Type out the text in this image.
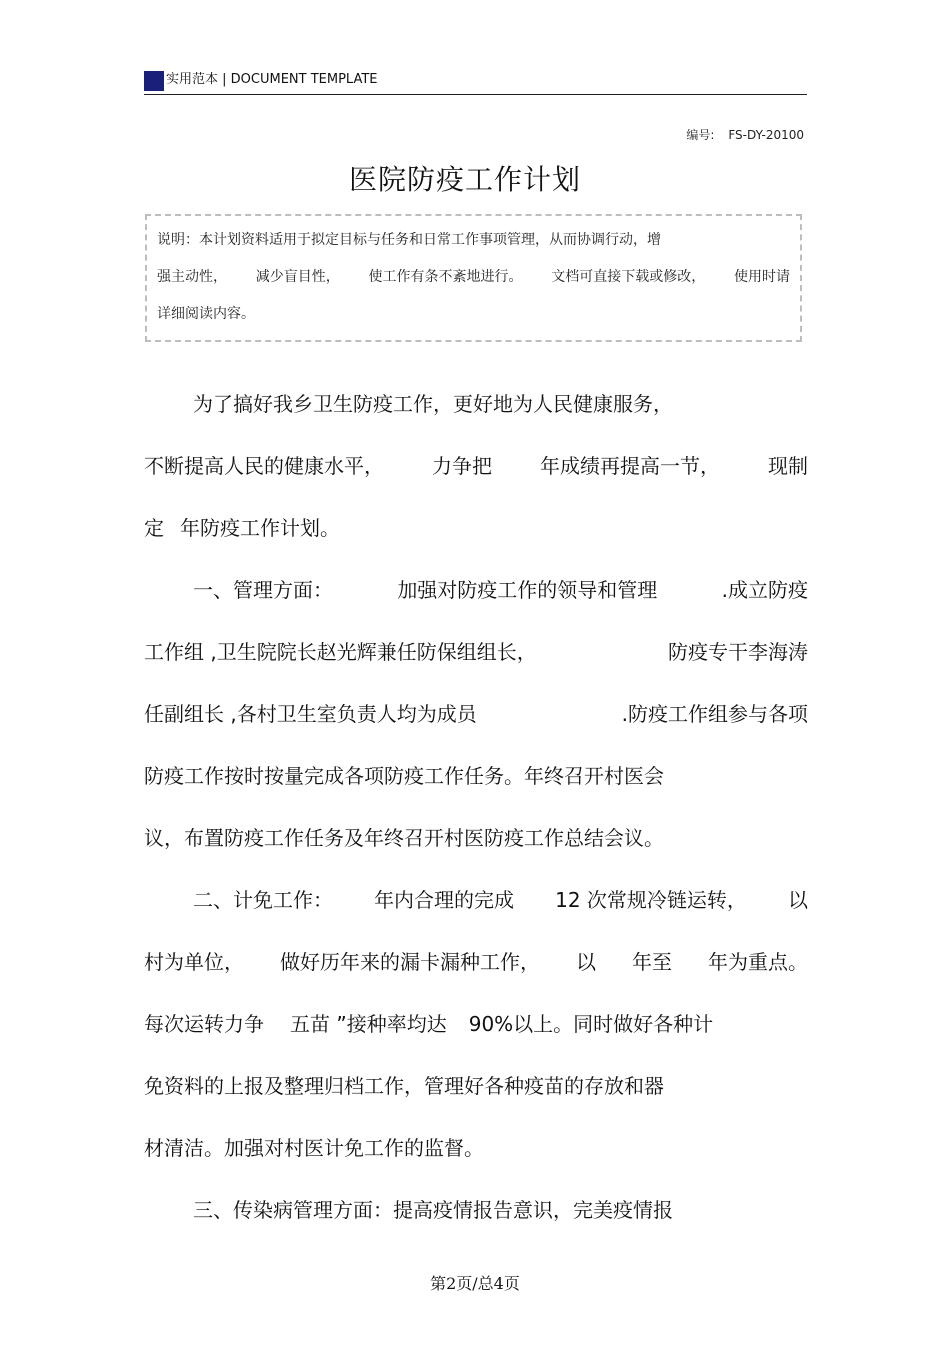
实用范本 | DOCUMENT TEMPLATE
编号: FS-DY-20100
医院防疫工作计划
说明：本计划资料适用于拟定目标与任务和日常工作事项管理，从而协调行动，增
强主动性， 减少盲目性， 使工作有条不紊地进行。 文档可直接下载或修改， 使用时请
详细阅读内容。
为了搞好我乡卫生防疫工作，更好地为人民健康服务，
不断提高人民的健康水平， 力争把 年成绩再提高一节， 现制
定 年防疫工作计划。
一、管理方面：	加强对防疫工作的领导和管理	.成立防疫
工作组 ,卫生院院长赵光辉兼任防保组组长，	防疫专干李海涛
任副组长 ,各村卫生室负责人均为成员	.防疫工作组参与各项
防疫工作按时按量完成各项防疫工作任务。年终召开村医会
议，布置防疫工作任务及年终召开村医防疫工作总结会议。
二、计免工作： 年内合理的完成 12 次常规冷链运转， 以
村为单位， 做好历年来的漏卡漏种工作， 以 年至 年为重点。
每次运转力争 五苗 ”接种率均达 90%以上。同时做好各种计
免资料的上报及整理归档工作，管理好各种疫苗的存放和器
材清洁。加强对村医计免工作的监督。
三、传染病管理方面：提高疫情报告意识，完美疫情报
第2页/总4页
